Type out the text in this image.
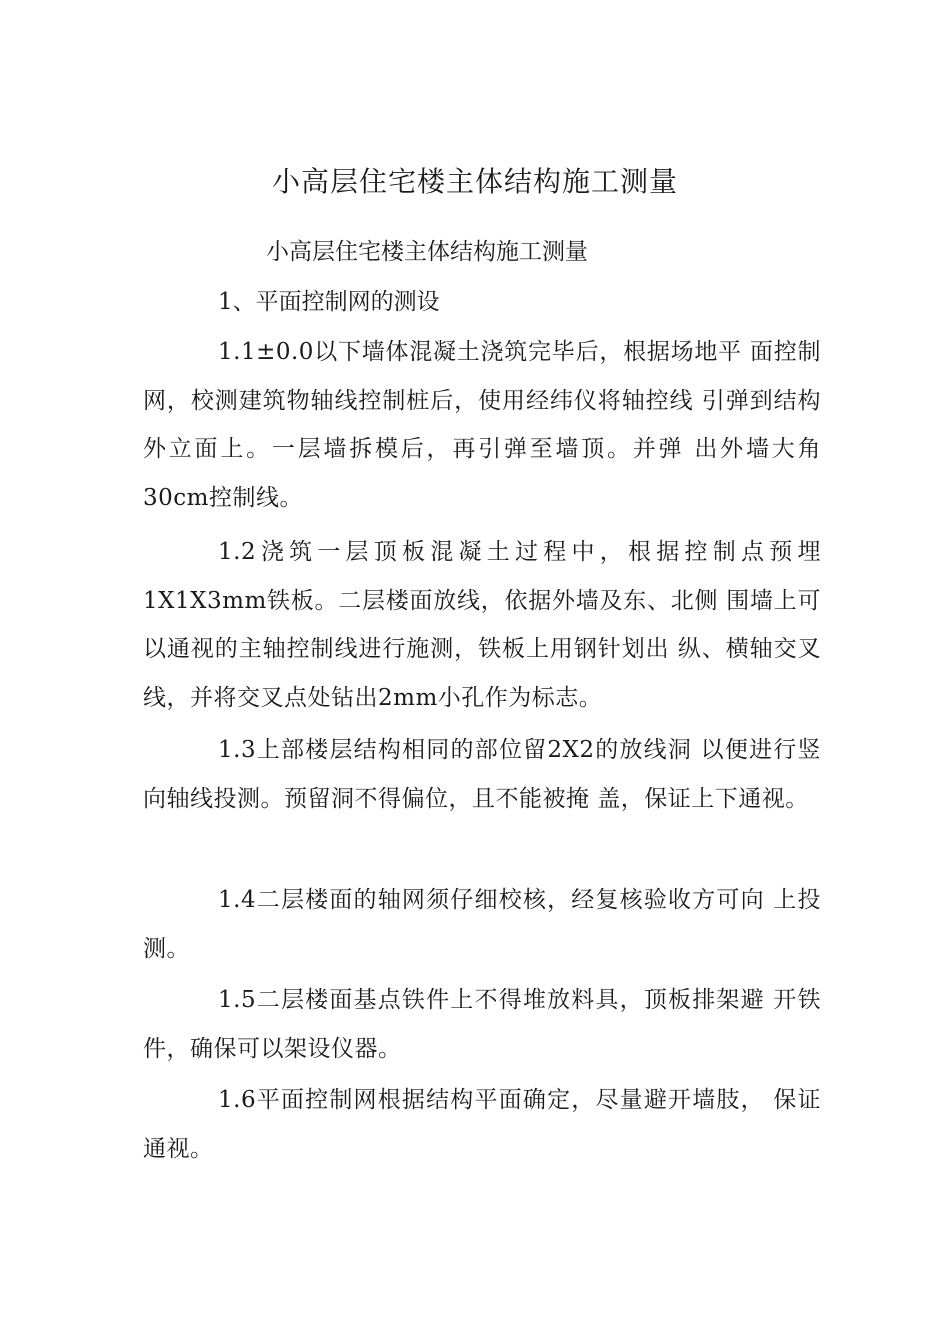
小高层住宅楼主体结构施工测量
小高层住宅楼主体结构施工测量
1、平面控制网的测设

1.1±0.0以下墙体混凝土浇筑完毕后，根据场地平 面控制网，校测建筑物轴线控制桩后，使用经纬仪将轴控线 引弹到结构外立面上。一层墙拆模后，再引弹至墙顶。并弹 出外墙大角30cm控制线。

1.2浇筑一层顶板混凝土过程中，根据控制点预埋1X1X3mm铁板。二层楼面放线，依据外墙及东、北侧 围墙上可以通视的主轴控制线进行施测，铁板上用钢针划出 纵、横轴交叉线，并将交叉点处钻出2mm小孔作为标志。

1.3上部楼层结构相同的部位留2X2的放线洞 以便进行竖向轴线投测。预留洞不得偏位，且不能被掩 盖，保证上下通视。

1.4二层楼面的轴网须仔细校核，经复核验收方可向 上投测。

1.5二层楼面基点铁件上不得堆放料具，顶板排架避 开铁件，确保可以架设仪器。

1.6平面控制网根据结构平面确定，尽量避开墙肢， 保证通视。
